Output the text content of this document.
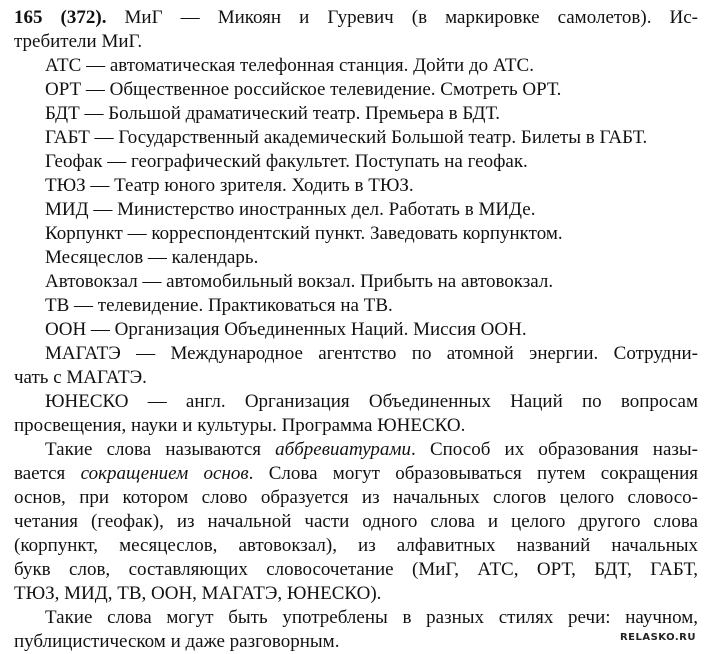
165 (372). МиГ — Микоян и Гуревич (в маркировке самолетов). Ис-
требители МиГ.
АТС — автоматическая телефонная станция. Дойти до АТС.
ОРТ — Общественное российское телевидение. Смотреть ОРТ.
БДТ — Большой драматический театр. Премьера в БДТ.
ГАБТ — Государственный академический Большой театр. Билеты в ГАБТ.
Геофак — географический факультет. Поступать на геофак.
ТЮЗ — Театр юного зрителя. Ходить в ТЮЗ.
МИД — Министерство иностранных дел. Работать в МИДе.
Корпункт — корреспондентский пункт. Заведовать корпунктом.
Месяцеслов — календарь.
Автовокзал — автомобильный вокзал. Прибыть на автовокзал.
ТВ — телевидение. Практиковаться на ТВ.
ООН — Организация Объединенных Наций. Миссия ООН.
МАГАТЭ — Международное агентство по атомной энергии. Сотрудни-
чать с МАГАТЭ.
ЮНЕСКО — англ. Организация Объединенных Наций по вопросам
просвещения, науки и культуры. Программа ЮНЕСКО.
Такие слова называются аббревиатурами. Способ их образования назы-
вается сокращением основ. Слова могут образовываться путем сокращения
основ, при котором слово образуется из начальных слогов целого словосо-
четания (геофак), из начальной части одного слова и целого другого слова
(корпункт, месяцеслов, автовокзал), из алфавитных названий начальных
букв слов, составляющих словосочетание (МиГ, АТС, ОРТ, БДТ, ГАБТ,
ТЮЗ, МИД, ТВ, ООН, МАГАТЭ, ЮНЕСКО).
Такие слова могут быть употреблены в разных стилях речи: научном,
публицистическом и даже разговорным.	RELASKO.RU
